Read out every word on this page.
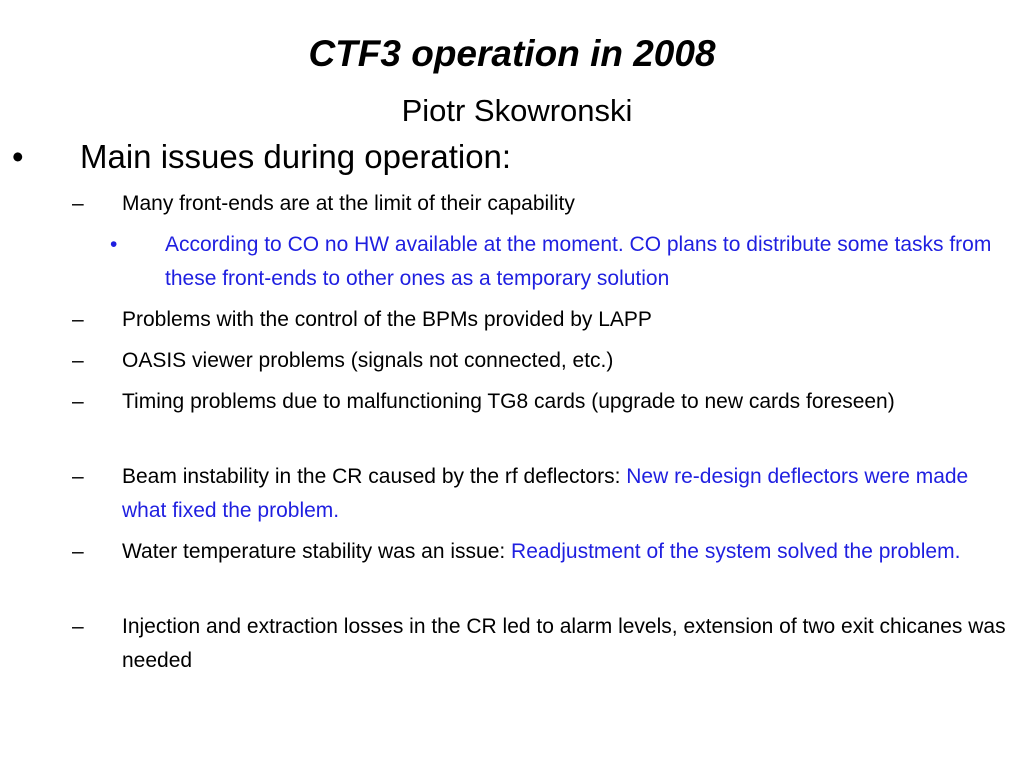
CTF3 operation in 2008
Piotr Skowronski
• Main issues during operation:
–	Many front-ends are at the limit of their capability
•	According to CO no HW available at the moment. CO plans to distribute some tasks from these front-ends to other ones as a temporary solution
–	Problems with the control of the BPMs provided by LAPP
–	OASIS viewer problems (signals not connected, etc.)
–	Timing problems due to malfunctioning TG8 cards (upgrade to new cards foreseen)
–	Beam instability in the CR caused by the rf deflectors: New re-design deflectors were made what fixed the problem.
–	Water temperature stability was an issue: Readjustment of the system solved the problem.
–	Injection and extraction losses in the CR led to alarm levels, extension of two exit chicanes was needed
